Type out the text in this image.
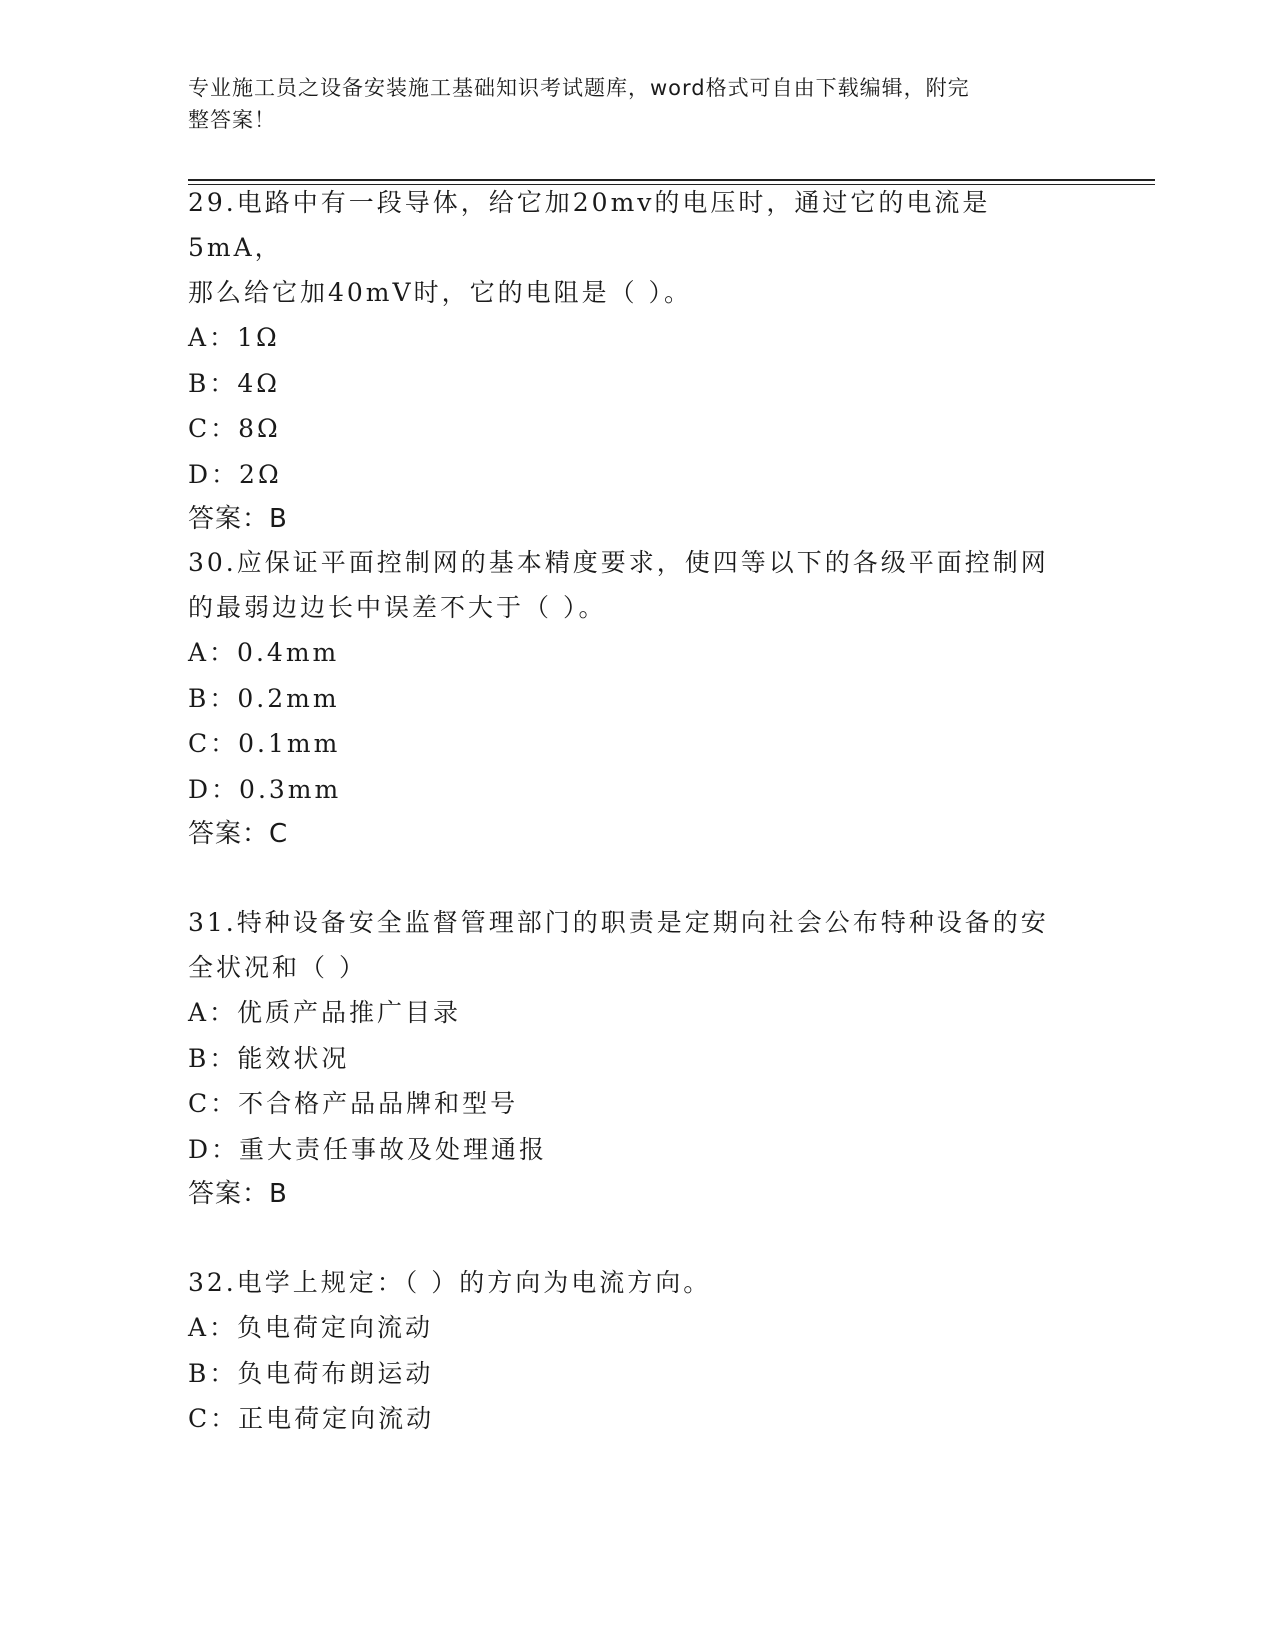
专业施工员之设备安装施工基础知识考试题库，word格式可自由下载编辑，附完
整答案！

29.电路中有一段导体，给它加20mv的电压时，通过它的电流是5mA，

那么给它加40mV时，它的电阻是（ ）。

A：1Ω

B：4Ω

C：8Ω

D：2Ω

答案：B

30.应保证平面控制网的基本精度要求，使四等以下的各级平面控制网

的最弱边边长中误差不大于（ ）。

A：0.4mm

B：0.2mm

C：0.1mm

D：0.3mm

答案：C

31.特种设备安全监督管理部门的职责是定期向社会公布特种设备的安

全状况和（ ）

A：优质产品推广目录

B：能效状况

C：不合格产品品牌和型号

D：重大责任事故及处理通报

答案：B

32.电学上规定：（ ）的方向为电流方向。

A：负电荷定向流动

B：负电荷布朗运动

C：正电荷定向流动
